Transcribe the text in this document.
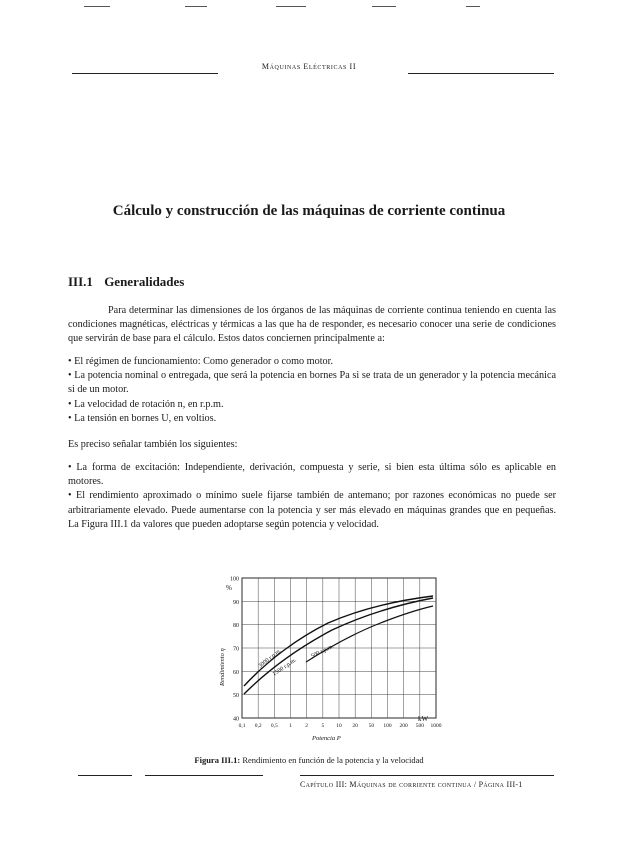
Máquinas Eléctricas II
Cálculo y construcción de las máquinas de corriente continua
III.1 Generalidades

Para determinar las dimensiones de los órganos de las máquinas de corriente continua teniendo en cuenta las condiciones magnéticas, eléctricas y térmicas a las que ha de responder, es necesario conocer una serie de condiciones que servirán de base para el cálculo. Estos datos conciernen principalmente a:

• El régimen de funcionamiento: Como generador o como motor.
• La potencia nominal o entregada, que será la potencia en bornes Pa si se trata de un generador y la potencia mecánica si de un motor.
• La velocidad de rotación n, en r.p.m.
• La tensión en bornes U, en voltios.

Es preciso señalar también los siguientes:

• La forma de excitación: Independiente, derivación, compuesta y serie, si bien esta última sólo es aplicable en motores.
• El rendimiento aproximado o mínimo suele fijarse también de antemano; por razones económicas no puede ser arbitrariamente elevado. Puede aumentarse con la potencia y ser más elevado en máquinas grandes que en pequeñas. La Figura III.1 da valores que pueden adoptarse según potencia y velocidad.
100
90
80
70
60
50
40
0,1 0,2 0,5 1 2 5 10 20 50 100 200 500 1000
3000 r.p.m.
1500 r.p.m.
500 r.p.m.
%
kW
Rendimiento η
Potencia P
Figura III.1: Rendimiento en función de la potencia y la velocidad
Capítulo III: Máquinas de corriente continua / Página III-1
